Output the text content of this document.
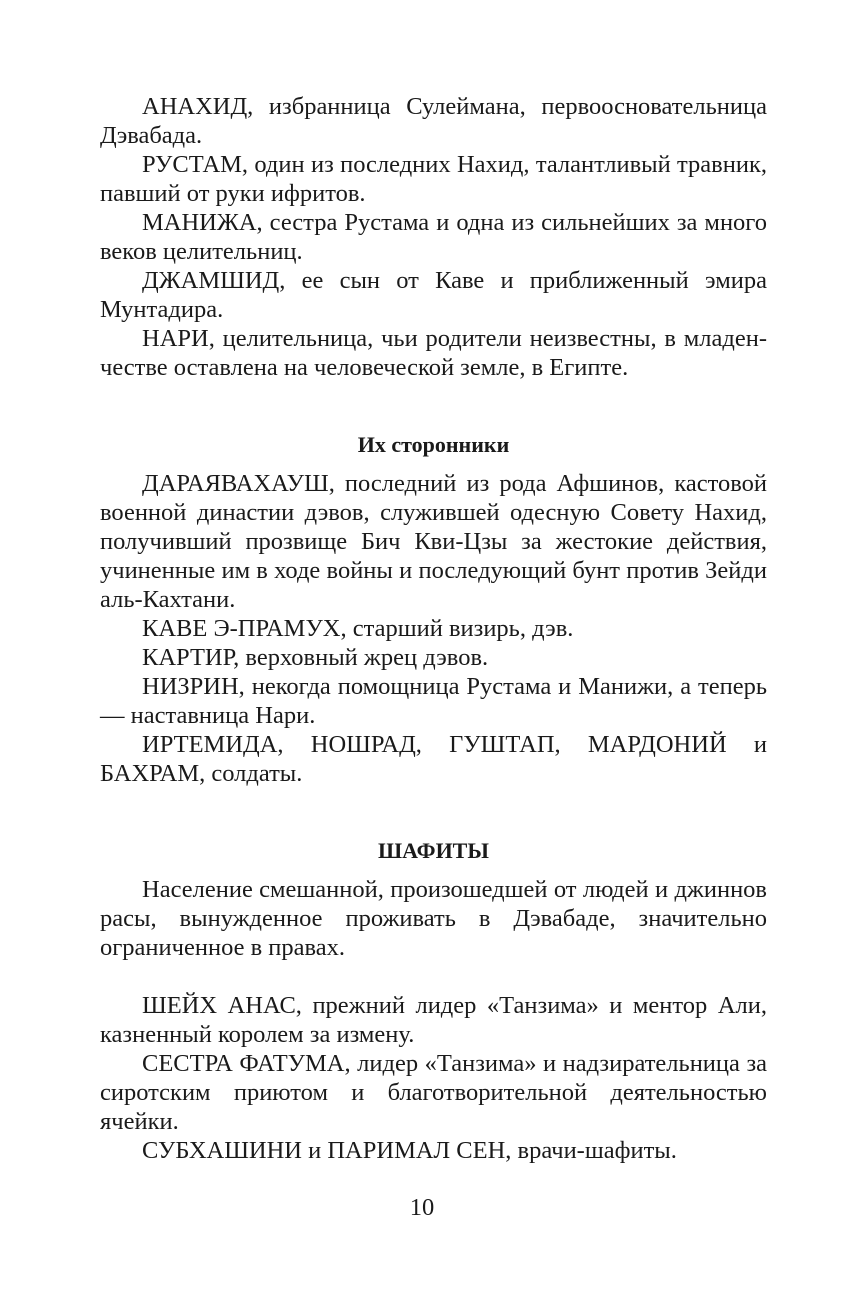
АНАХИД, избранница Сулеймана, первоосновательница Дэвабада.

РУСТАМ, один из последних Нахид, талантливый травник, павший от руки ифритов.

МАНИЖА, сестра Рустама и одна из сильнейших за много веков целительниц.

ДЖАМШИД, ее сын от Каве и приближенный эмира Мунтадира.

НАРИ, целительница, чьи родители неизвестны, в младенчестве оставлена на человеческой земле, в Египте.

Их сторонники

ДАРАЯВАХАУШ, последний из рода Афшинов, кастовой военной династии дэвов, служившей одесную Совету Нахид, получивший прозвище Бич Кви-Цзы за жестокие действия, учиненные им в ходе войны и последующий бунт против Зейди аль-Кахтани.

КАВЕ Э-ПРАМУХ, старший визирь, дэв.

КАРТИР, верховный жрец дэвов.

НИЗРИН, некогда помощница Рустама и Манижи, а теперь — наставница Нари.

ИРТЕМИДА, НОШРАД, ГУШТАП, МАРДОНИЙ и БАХРАМ, солдаты.

ШАФИТЫ

Население смешанной, произошедшей от людей и джиннов расы, вынужденное проживать в Дэвабаде, значительно ограниченное в правах.

ШЕЙХ АНАС, прежний лидер «Танзима» и ментор Али, казненный королем за измену.

СЕСТРА ФАТУМА, лидер «Танзима» и надзирательница за сиротским приютом и благотворительной деятельностью ячейки.

СУБХАШИНИ и ПАРИМАЛ СЕН, врачи-шафиты.

10
